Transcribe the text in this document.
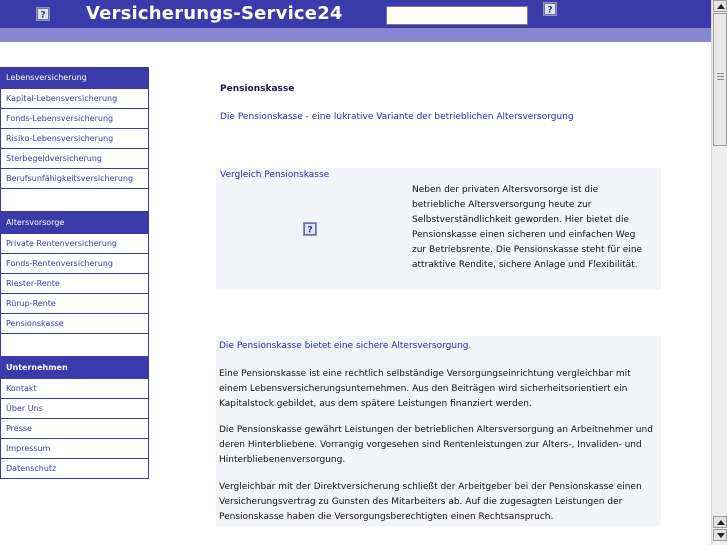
? Versicherungs-Service24	?
Lebensversicherung
Kapital-Lebensversicherung
Fonds-Lebensversicherung
Risiko-Lebensversicherung
Sterbegeldversicherung
Berufsunfähigkeitsversicherung
Altersvorsorge
Private Rentenversicherung
Fonds-Rentenversicherung
Riester-Rente
Rürup-Rente
Pensionskasse
Unternehmen
Kontakt
Über Uns
Presse
Impressum
Datenschutz
Pensionskasse
Die Pensionskasse - eine lukrative Variante der betrieblichen Altersversorgung
Vergleich Pensionskasse
?
Neben der privaten Altersvorsorge ist die betriebliche Altersversorgung heute zur Selbstverständlichkeit geworden. Hier bietet die Pensionskasse einen sicheren und einfachen Weg zur Betriebsrente. Die Pensionskasse steht für eine attraktive Rendite, sichere Anlage und Flexibilität.
Die Pensionskasse bietet eine sichere Altersversorgung.
Eine Pensionskasse ist eine rechtlich selbständige Versorgungseinrichtung vergleichbar mit einem Lebensversicherungsunternehmen. Aus den Beiträgen wird sicherheitsorientiert ein Kapitalstock gebildet, aus dem spätere Leistungen finanziert werden.
Die Pensionskasse gewährt Leistungen der betrieblichen Altersversorgung an Arbeitnehmer und deren Hinterbliebene. Vorrangig vorgesehen sind Rentenleistungen zur Alters-, Invaliden- und Hinterbliebenenversorgung.
Vergleichbar mit der Direktversicherung schließt der Arbeitgeber bei der Pensionskasse einen Versicherungsvertrag zu Gunsten des Mitarbeiters ab. Auf die zugesagten Leistungen der Pensionskasse haben die Versorgungsberechtigten einen Rechtsanspruch.
